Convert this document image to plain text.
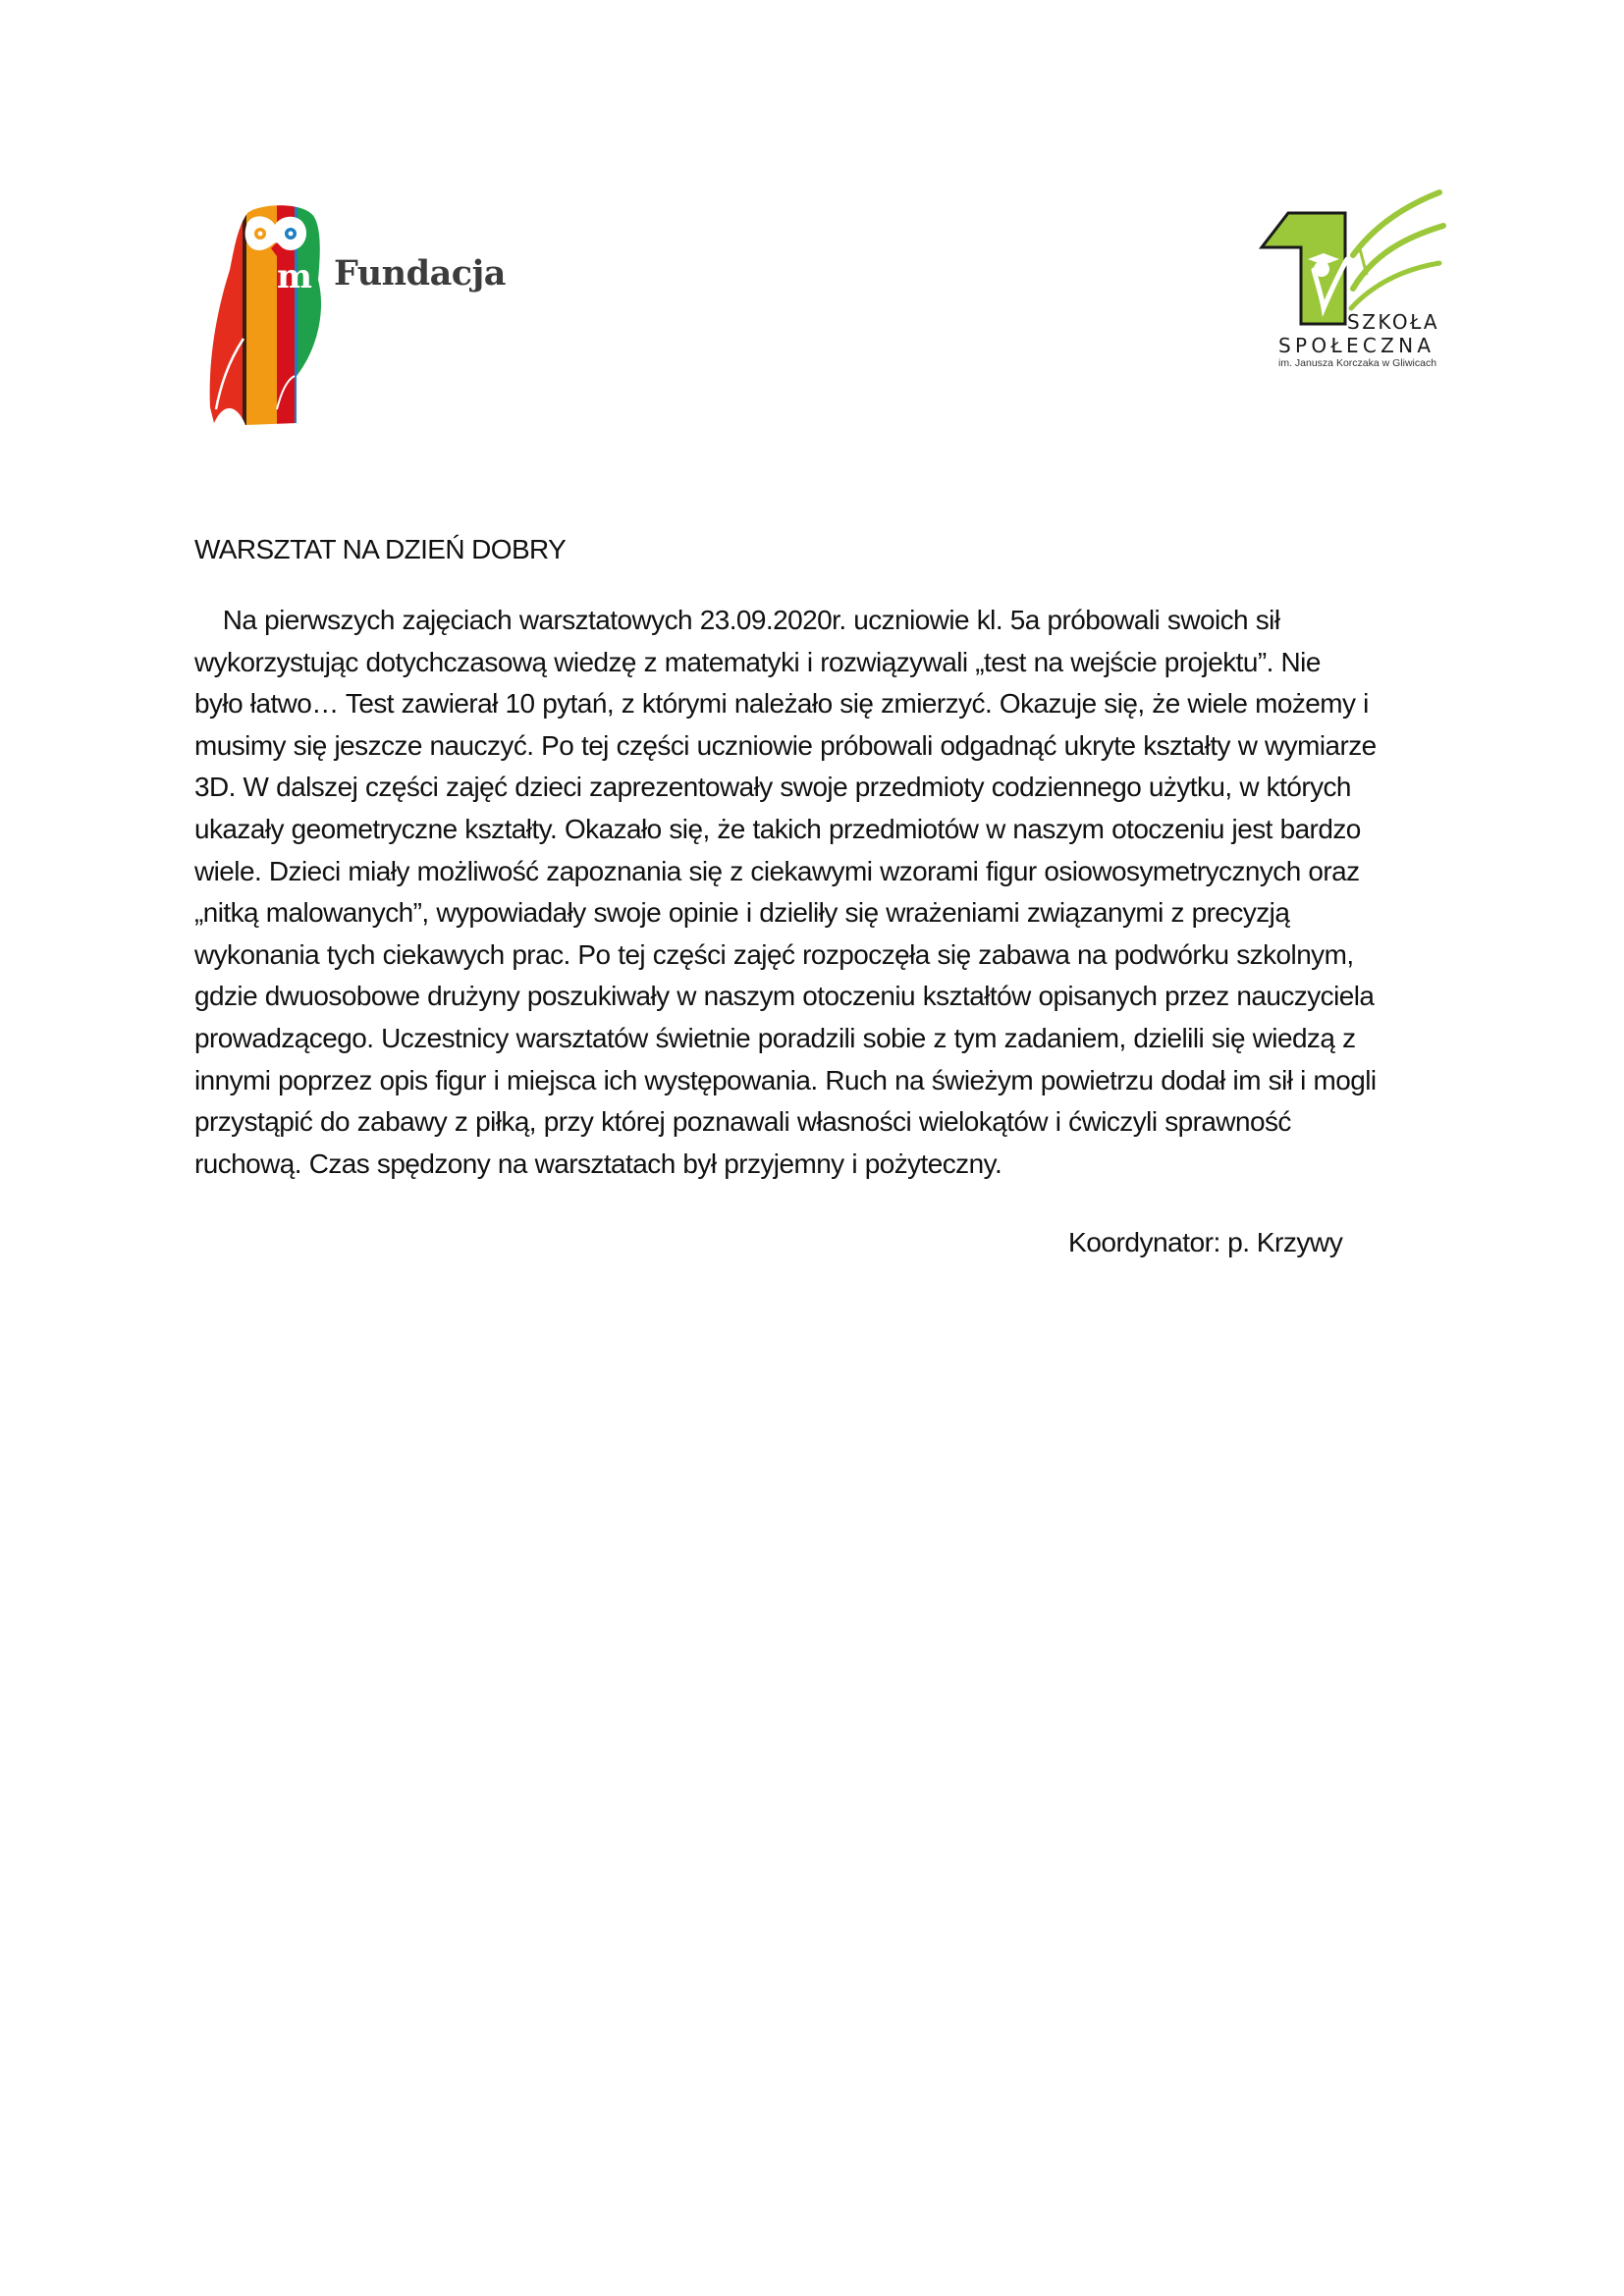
m Fundacja
SZKOŁA
SPOŁECZNA
im. Janusza Korczaka w Gliwicach
WARSZTAT NA DZIEŃ DOBRY
Na pierwszych zajęciach warsztatowych 23.09.2020r. uczniowie kl. 5a próbowali swoich sił
wykorzystując dotychczasową wiedzę z matematyki i rozwiązywali „test na wejście projektu”. Nie
było łatwo… Test zawierał 10 pytań, z którymi należało się zmierzyć. Okazuje się, że wiele możemy i
musimy się jeszcze nauczyć. Po tej części uczniowie próbowali odgadnąć ukryte kształty w wymiarze
3D. W dalszej części zajęć dzieci zaprezentowały swoje przedmioty codziennego użytku, w których
ukazały geometryczne kształty. Okazało się, że takich przedmiotów w naszym otoczeniu jest bardzo
wiele. Dzieci miały możliwość zapoznania się z ciekawymi wzorami figur osiowosymetrycznych oraz
„nitką malowanych”, wypowiadały swoje opinie i dzieliły się wrażeniami związanymi z precyzją
wykonania tych ciekawych prac. Po tej części zajęć rozpoczęła się zabawa na podwórku szkolnym,
gdzie dwuosobowe drużyny poszukiwały w naszym otoczeniu kształtów opisanych przez nauczyciela
prowadzącego. Uczestnicy warsztatów świetnie poradzili sobie z tym zadaniem, dzielili się wiedzą z
innymi poprzez opis figur i miejsca ich występowania. Ruch na świeżym powietrzu dodał im sił i mogli
przystąpić do zabawy z piłką, przy której poznawali własności wielokątów i ćwiczyli sprawność
ruchową. Czas spędzony na warsztatach był przyjemny i pożyteczny.
Koordynator: p. Krzywy
